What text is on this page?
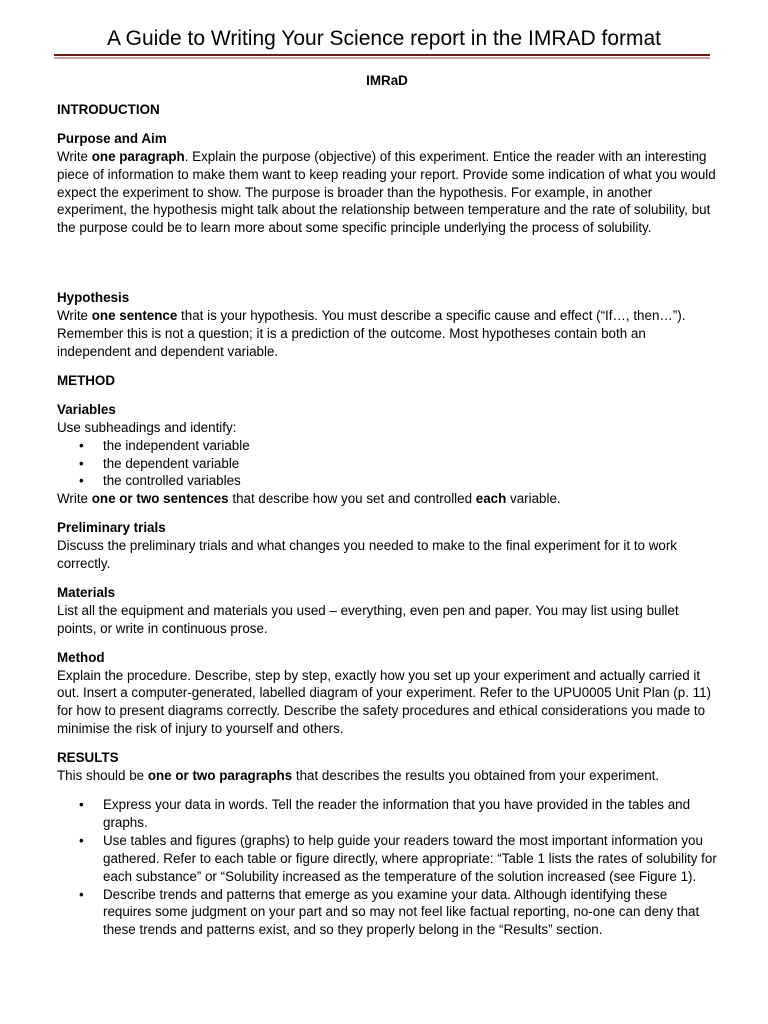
A Guide to Writing Your Science report in the IMRAD format
IMRaD
INTRODUCTION
Purpose and Aim

Write one paragraph. Explain the purpose (objective) of this experiment. Entice the reader with an interesting piece of information to make them want to keep reading your report. Provide some indication of what you would expect the experiment to show. The purpose is broader than the hypothesis. For example, in another experiment, the hypothesis might talk about the relationship between temperature and the rate of solubility, but the purpose could be to learn more about some specific principle underlying the process of solubility.

Hypothesis

Write one sentence that is your hypothesis. You must describe a specific cause and effect (“If…, then…”). Remember this is not a question; it is a prediction of the outcome. Most hypotheses contain both an independent and dependent variable.

METHOD
Variables

Use subheadings and identify:

• the independent variable
• the dependent variable
• the controlled variables

Write one or two sentences that describe how you set and controlled each variable.

Preliminary trials

Discuss the preliminary trials and what changes you needed to make to the final experiment for it to work correctly.

Materials

List all the equipment and materials you used – everything, even pen and paper. You may list using bullet points, or write in continuous prose.

Method

Explain the procedure. Describe, step by step, exactly how you set up your experiment and actually carried it out. Insert a computer-generated, labelled diagram of your experiment. Refer to the UPU0005 Unit Plan (p. 11) for how to present diagrams correctly. Describe the safety procedures and ethical considerations you made to minimise the risk of injury to yourself and others.

RESULTS

This should be one or two paragraphs that describes the results you obtained from your experiment.

• Express your data in words. Tell the reader the information that you have provided in the tables and graphs.
• Use tables and figures (graphs) to help guide your readers toward the most important information you gathered. Refer to each table or figure directly, where appropriate: “Table 1 lists the rates of solubility for each substance” or “Solubility increased as the temperature of the solution increased (see Figure 1).
• Describe trends and patterns that emerge as you examine your data. Although identifying these requires some judgment on your part and so may not feel like factual reporting, no-one can deny that these trends and patterns exist, and so they properly belong in the “Results” section.
